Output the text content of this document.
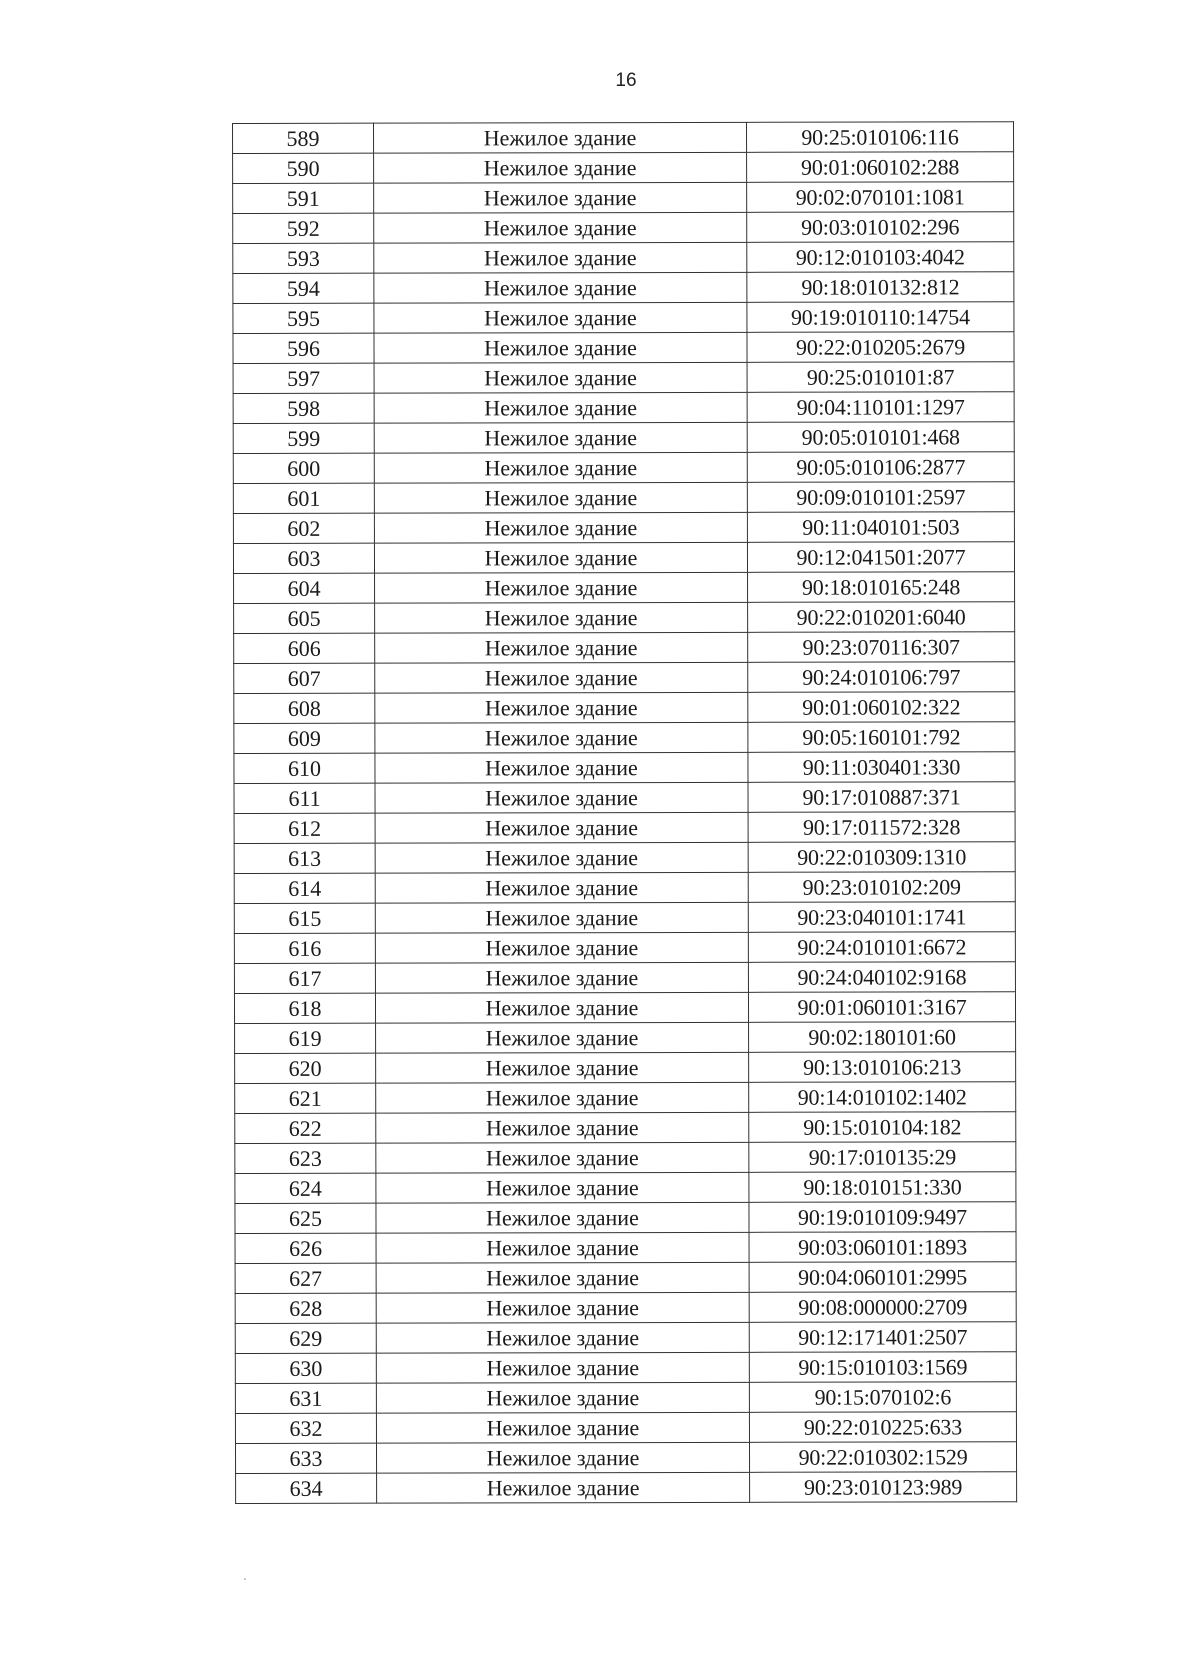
16
589	Нежилое здание	90:25:010106:116
590	Нежилое здание	90:01:060102:288
591	Нежилое здание	90:02:070101:1081
592	Нежилое здание	90:03:010102:296
593	Нежилое здание	90:12:010103:4042
594	Нежилое здание	90:18:010132:812
595	Нежилое здание	90:19:010110:14754
596	Нежилое здание	90:22:010205:2679
597	Нежилое здание	90:25:010101:87
598	Нежилое здание	90:04:110101:1297
599	Нежилое здание	90:05:010101:468
600	Нежилое здание	90:05:010106:2877
601	Нежилое здание	90:09:010101:2597
602	Нежилое здание	90:11:040101:503
603	Нежилое здание	90:12:041501:2077
604	Нежилое здание	90:18:010165:248
605	Нежилое здание	90:22:010201:6040
606	Нежилое здание	90:23:070116:307
607	Нежилое здание	90:24:010106:797
608	Нежилое здание	90:01:060102:322
609	Нежилое здание	90:05:160101:792
610	Нежилое здание	90:11:030401:330
611	Нежилое здание	90:17:010887:371
612	Нежилое здание	90:17:011572:328
613	Нежилое здание	90:22:010309:1310
614	Нежилое здание	90:23:010102:209
615	Нежилое здание	90:23:040101:1741
616	Нежилое здание	90:24:010101:6672
617	Нежилое здание	90:24:040102:9168
618	Нежилое здание	90:01:060101:3167
619	Нежилое здание	90:02:180101:60
620	Нежилое здание	90:13:010106:213
621	Нежилое здание	90:14:010102:1402
622	Нежилое здание	90:15:010104:182
623	Нежилое здание	90:17:010135:29
624	Нежилое здание	90:18:010151:330
625	Нежилое здание	90:19:010109:9497
626	Нежилое здание	90:03:060101:1893
627	Нежилое здание	90:04:060101:2995
628	Нежилое здание	90:08:000000:2709
629	Нежилое здание	90:12:171401:2507
630	Нежилое здание	90:15:010103:1569
631	Нежилое здание	90:15:070102:6
632	Нежилое здание	90:22:010225:633
633	Нежилое здание	90:22:010302:1529
634	Нежилое здание	90:23:010123:989
